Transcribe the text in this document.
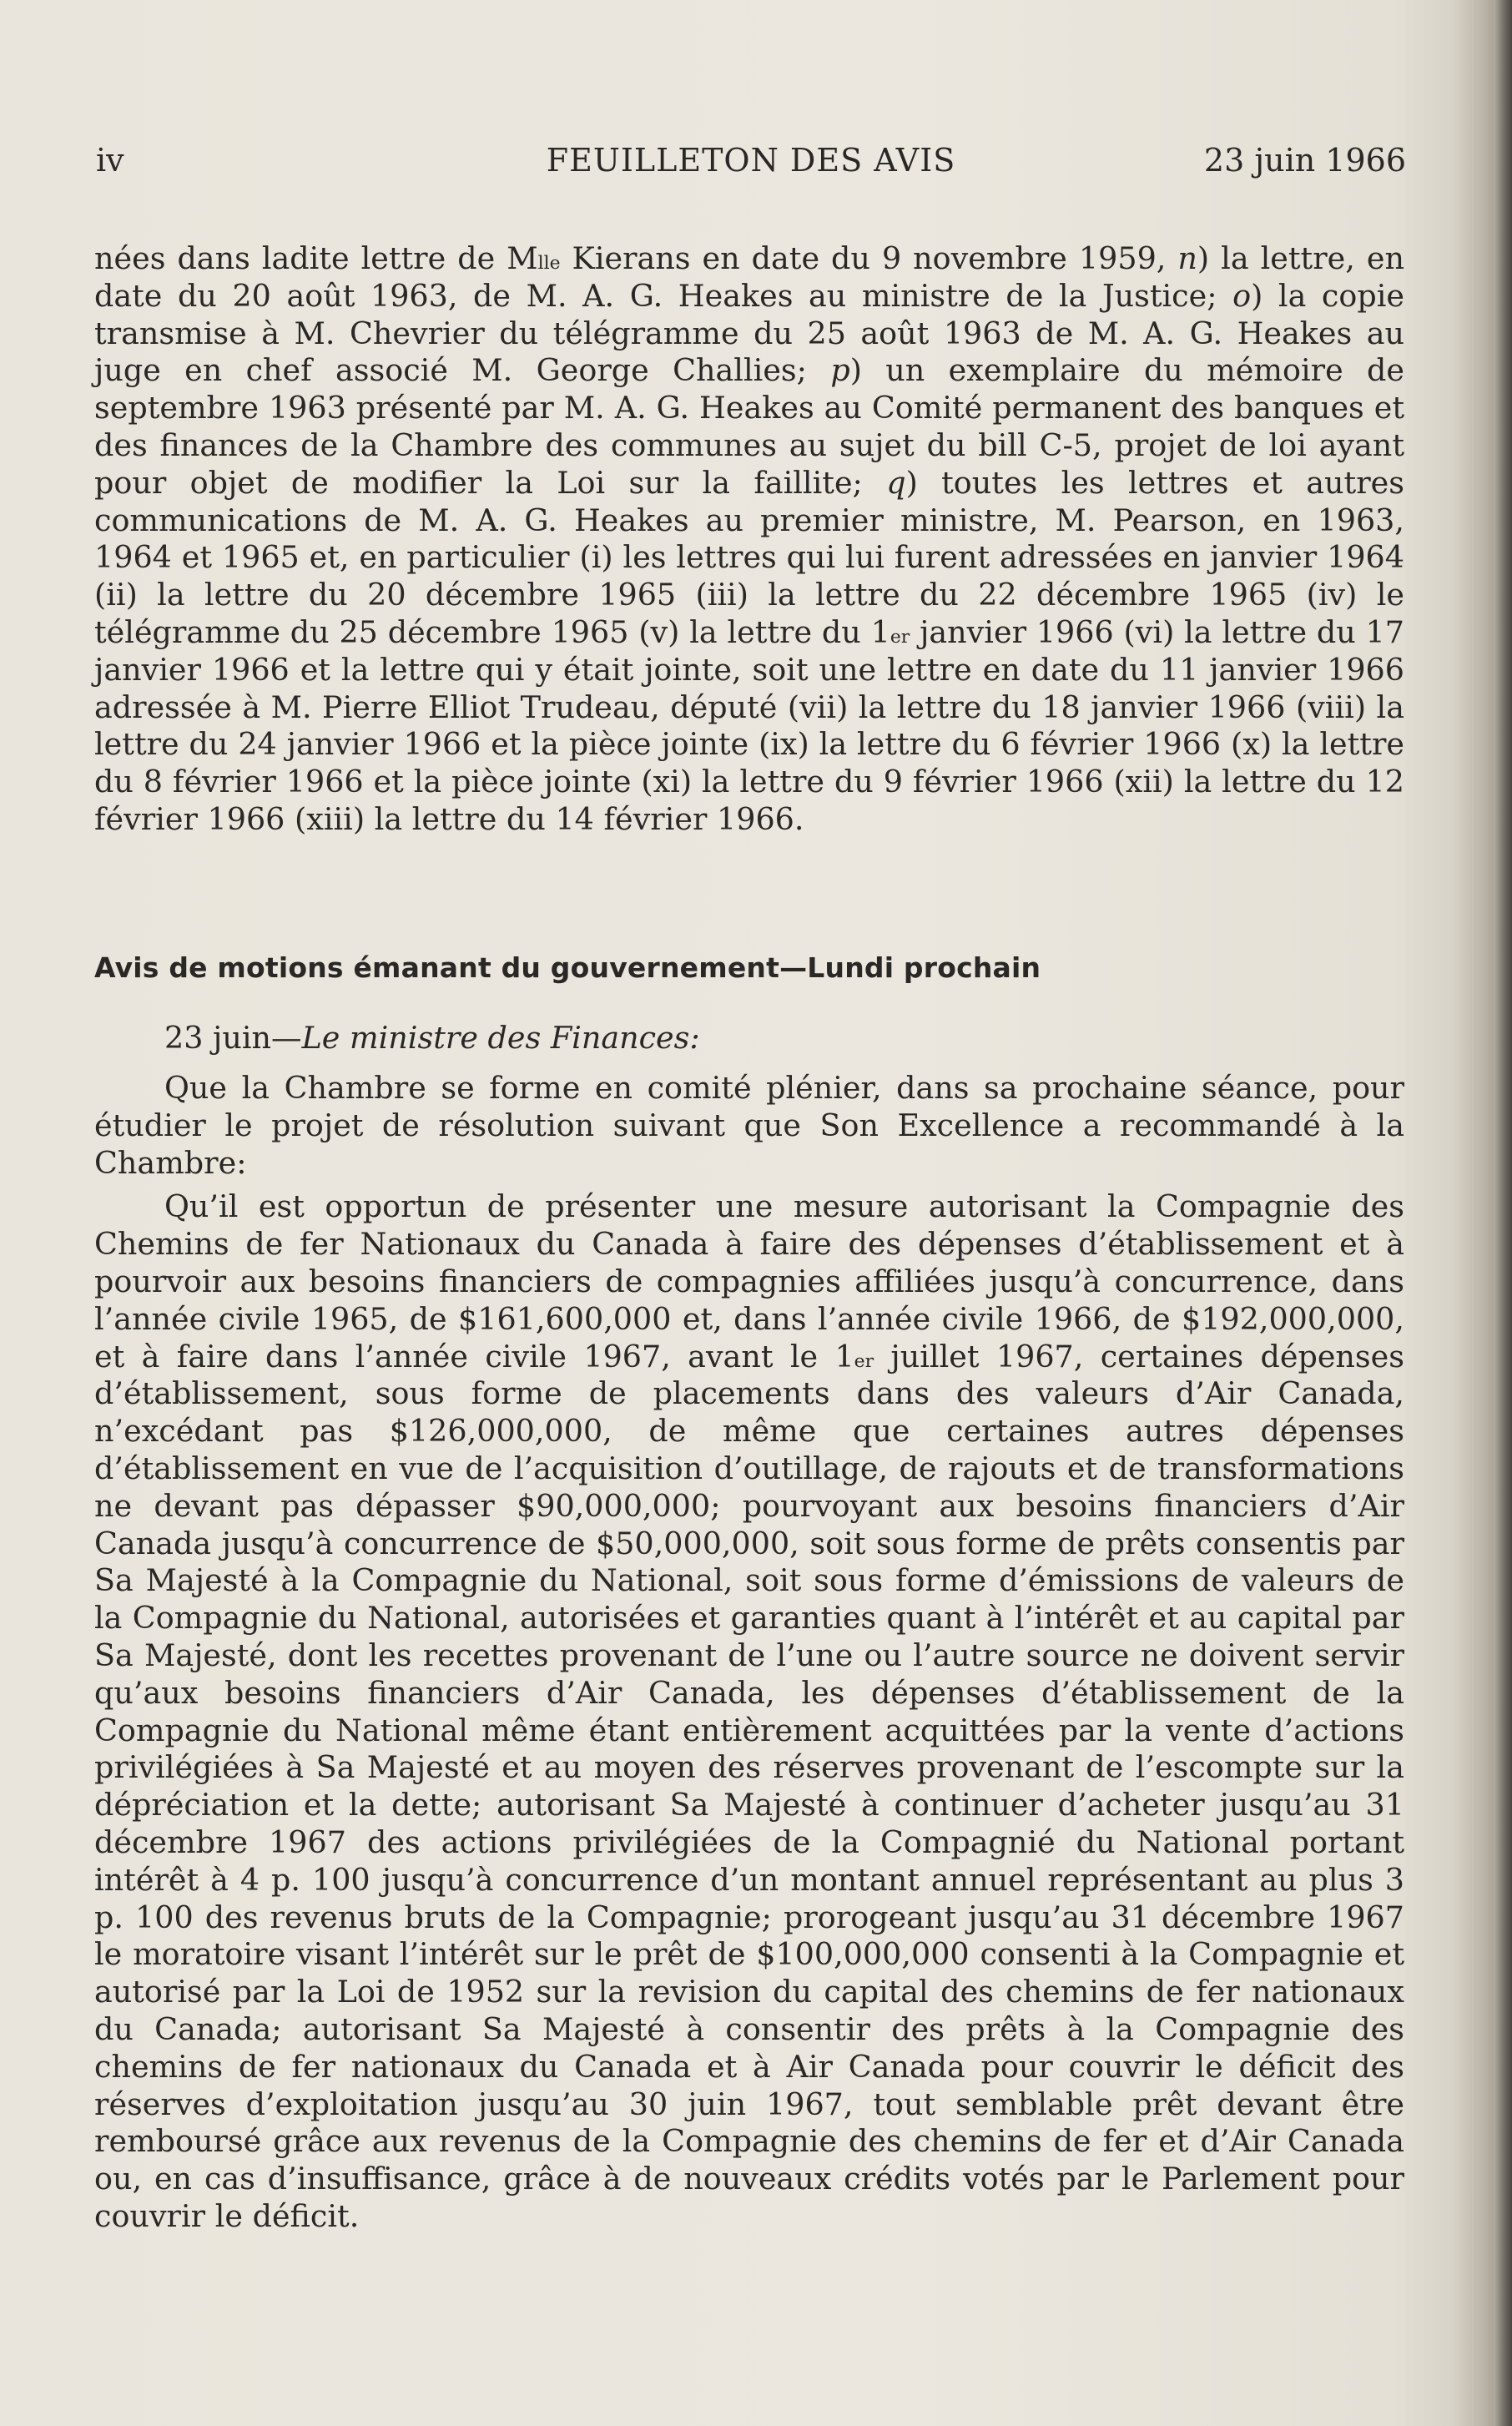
iv	FEUILLETON DES AVIS	23 juin 1966

nées dans ladite lettre de $M^{lle}$ Kierans en date du 9 novembre 1959, n) la lettre, en date du 20 août 1963, de M. A. G. Heakes au ministre de la Justice; o) la copie transmise à M. Chevrier du télégramme du 25 août 1963 de M. A. G. Heakes au juge en chef associé M. George Challies; p) un exemplaire du mémoire de septembre 1963 présenté par M. A. G. Heakes au Comité permanent des banques et des finances de la Chambre des communes au sujet du bill C-5, projet de loi ayant pour objet de modifier la Loi sur la faillite; q) toutes les lettres et autres communications de M. A. G. Heakes au premier ministre, M. Pearson, en 1963, 1964 et 1965 et, en particulier (i) les lettres qui lui furent adressées en janvier 1964 (ii) la lettre du 20 décembre 1965 (iii) la lettre du 22 décembre 1965 (iv) le télégramme du 25 décembre 1965 (v) la lettre du 1er janvier 1966 (vi) la lettre du 17 janvier 1966 et la lettre qui y était jointe, soit une lettre en date du 11 janvier 1966 adressée à M. Pierre Elliot Trudeau, député (vii) la lettre du 18 janvier 1966 (viii) la lettre du 24 janvier 1966 et la pièce jointe (ix) la lettre du 6 février 1966 (x) la lettre du 8 février 1966 et la pièce jointe (xi) la lettre du 9 février 1966 (xii) la lettre du 12 février 1966 (xiii) la lettre du 14 février 1966.

Avis de motions émanant du gouvernement—Lundi prochain

23 juin—Le ministre des Finances:

Que la Chambre se forme en comité plénier, dans sa prochaine séance, pour étudier le projet de résolution suivant que Son Excellence a recommandé à la Chambre:

Qu’il est opportun de présenter une mesure autorisant la Compagnie des Chemins de fer Nationaux du Canada à faire des dépenses d’établissement et à pourvoir aux besoins financiers de compagnies affiliées jusqu’à concurrence, dans l’année civile 1965, de $161,600,000 et, dans l’année civile 1966, de $192,000,000, et à faire dans l’année civile 1967, avant le 1er juillet 1967, certaines dépenses d’établissement, sous forme de placements dans des valeurs d’Air Canada, n’excédant pas $126,000,000, de même que certaines autres dépenses d’établissement en vue de l’acquisition d’outillage, de rajouts et de transformations ne devant pas dépasser $90,000,000; pourvoyant aux besoins financiers d’Air Canada jusqu’à concurrence de $50,000,000, soit sous forme de prêts consentis par Sa Majesté à la Compagnie du National, soit sous forme d’émissions de valeurs de la Compagnie du National, autorisées et garanties quant à l’intérêt et au capital par Sa Majesté, dont les recettes provenant de l’une ou l’autre source ne doivent servir qu’aux besoins financiers d’Air Canada, les dépenses d’établissement de la Compagnie du National même étant entièrement acquittées par la vente d’actions privilégiées à Sa Majesté et au moyen des réserves provenant de l’escompte sur la dépréciation et la dette; autorisant Sa Majesté à continuer d’acheter jusqu’au 31 décembre 1967 des actions privilégiées de la Compagnié du National portant intérêt à 4 p. 100 jusqu’à concurrence d’un montant annuel représentant au plus 3 p. 100 des revenus bruts de la Compagnie; prorogeant jusqu’au 31 décembre 1967 le moratoire visant l’intérêt sur le prêt de $100,000,000 consenti à la Compagnie et autorisé par la Loi de 1952 sur la revision du capital des chemins de fer nationaux du Canada; autorisant Sa Majesté à consentir des prêts à la Compagnie des chemins de fer nationaux du Canada et à Air Canada pour couvrir le déficit des réserves d’exploitation jusqu’au 30 juin 1967, tout semblable prêt devant être remboursé grâce aux revenus de la Compagnie des chemins de fer et d’Air Canada ou, en cas d’insuffisance, grâce à de nouveaux crédits votés par le Parlement pour couvrir le déficit.
